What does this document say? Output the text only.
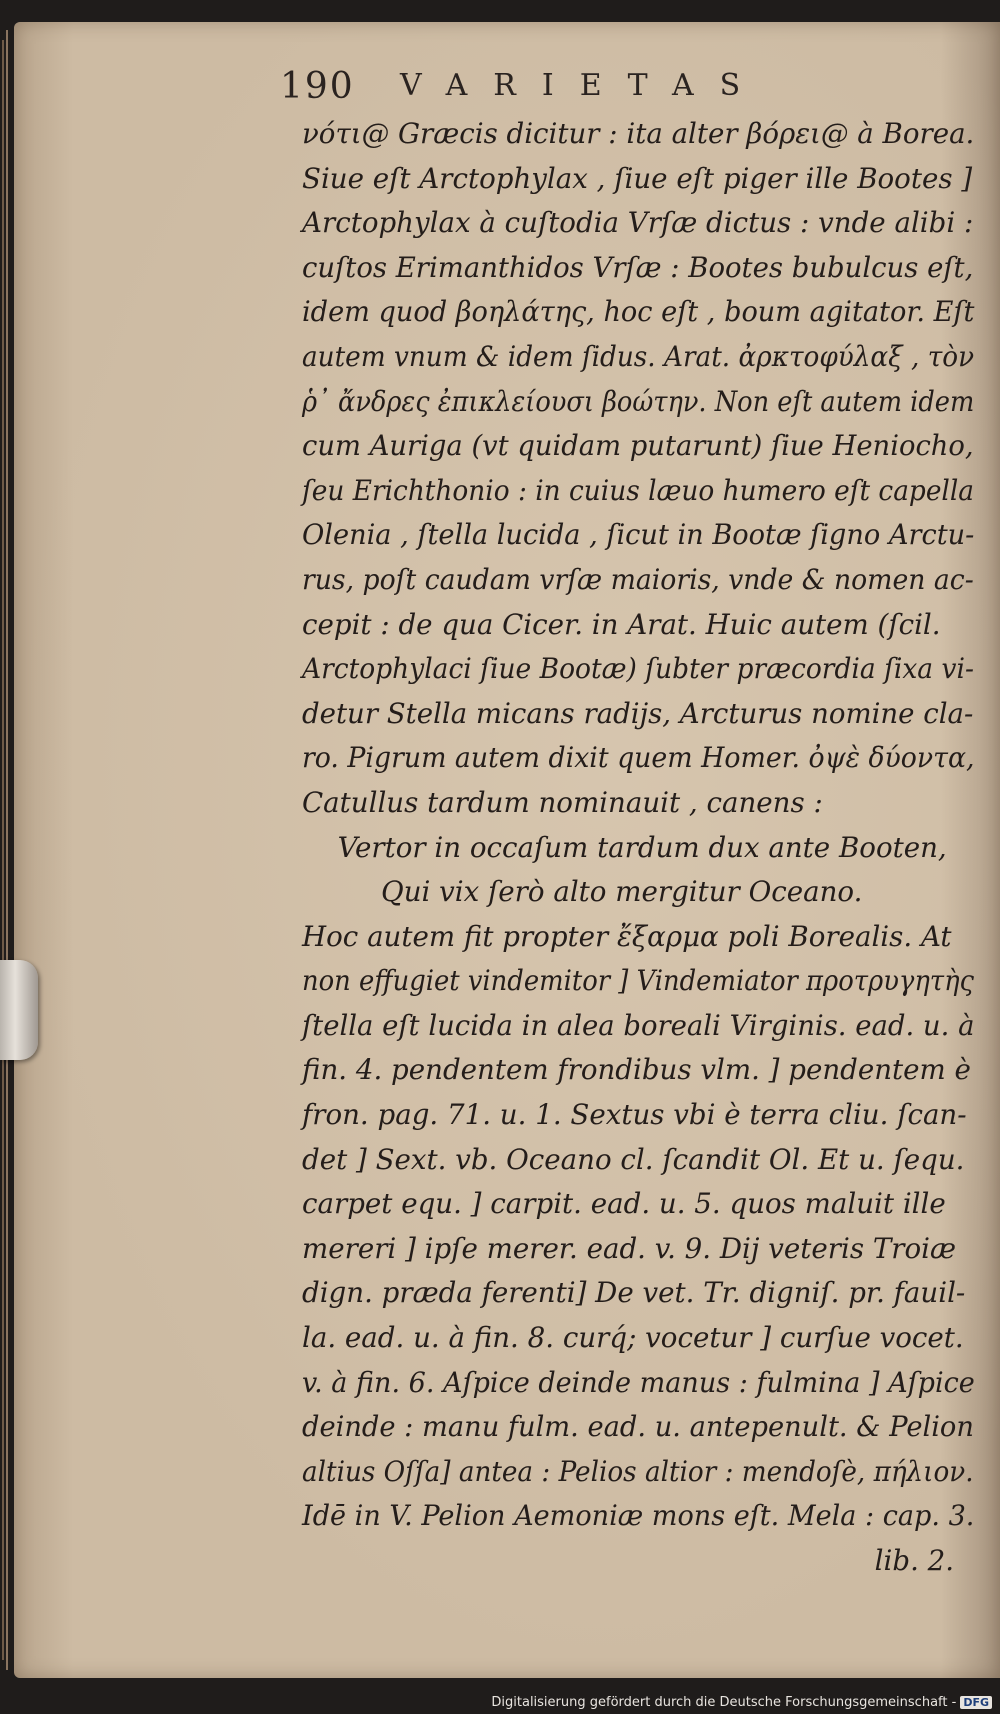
190 VARIETAS
νότι@ Græcis dicitur : ita alter βόρει@ à Borea.
Siue eſt Arctophylax , ſiue eſt piger ille Bootes ]
Arctophylax à cuſtodia Vrſæ dictus : vnde alibi :
cuſtos Erimanthidos Vrſæ : Bootes bubulcus eſt,
idem quod βοηλάτης, hoc eſt , boum agitator. Eſt
autem vnum & idem ſidus. Arat. ἀρκτοφύλαξ , τὸν
ῥ᾽ ἄνδρες ἐπικλείουσι βοώτην. Non eſt autem idem
cum Auriga (vt quidam putarunt) ſiue Heniocho,
ſeu Erichthonio : in cuius læuo humero eſt capella
Olenia , ſtella lucida , ſicut in Bootæ ſigno Arctu-
rus, poſt caudam vrſæ maioris, vnde & nomen ac-
cepit : de qua Cicer. in Arat. Huic autem (ſcil.
Arctophylaci ſiue Bootæ) ſubter præcordia ſixa vi-
detur Stella micans radijs, Arcturus nomine cla-
ro. Pigrum autem dixit quem Homer. ὀψὲ δύοντα,
Catullus tardum nominauit , canens :
Vertor in occaſum tardum dux ante Booten,
Qui vix ſerò alto mergitur Oceano.
Hoc autem fit propter ἔξαρμα poli Borealis. At
non effugiet vindemitor ] Vindemiator προτρυγητὴς
ſtella eſt lucida in alea boreali Virginis. ead. u. à
fin. 4. pendentem frondibus vlm. ] pendentem è
fron. pag. 71. u. 1. Sextus vbi è terra cliu. ſcan-
det ] Sext. vb. Oceano cl. ſcandit Ol. Et u. ſequ.
carpet equ. ] carpit. ead. u. 5. quos maluit ille
mereri ] ipſe merer. ead. v. 9. Dij veteris Troiæ
dign. præda ferenti] De vet. Tr. digniſ. pr. fauil-
la. ead. u. à fin. 8. curq́; vocetur ] curſue vocet.
v. à fin. 6. Aſpice deinde manus : fulmina ] Aſpice
deinde : manu fulm. ead. u. antepenult. & Pelion
altius Oſſa] antea : Pelios altior : mendoſè, πήλιον.
Idē in V. Pelion Aemoniæ mons eſt. Mela : cap. 3.
lib. 2.
Digitalisierung gefördert durch die Deutsche Forschungsgemeinschaft - DFG
